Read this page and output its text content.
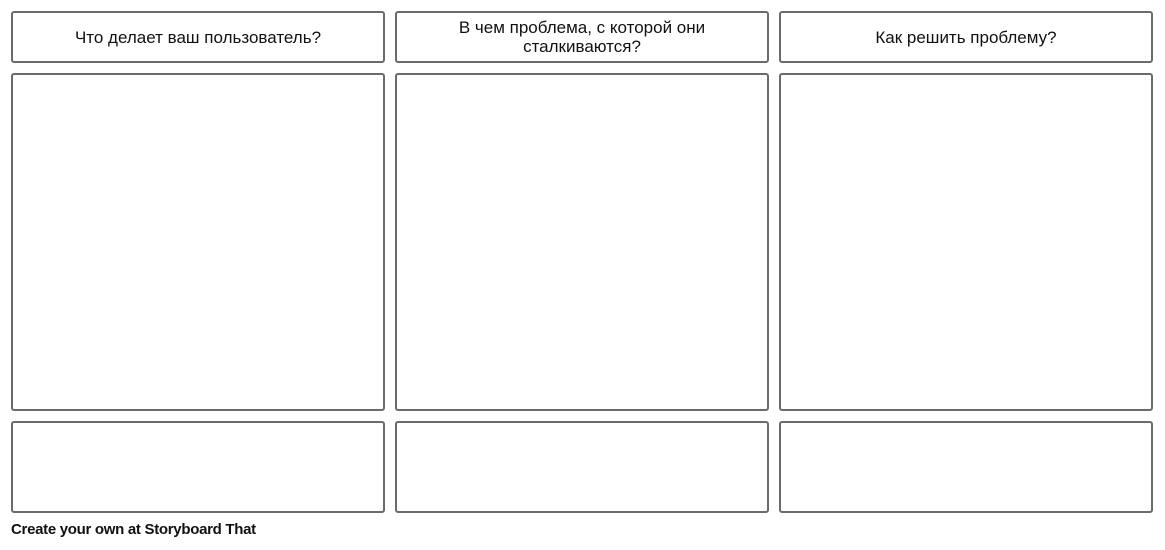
Что делает ваш пользователь?	В чем проблема, с которой они сталкиваются?	Как решить проблему?
Create your own at Storyboard That
